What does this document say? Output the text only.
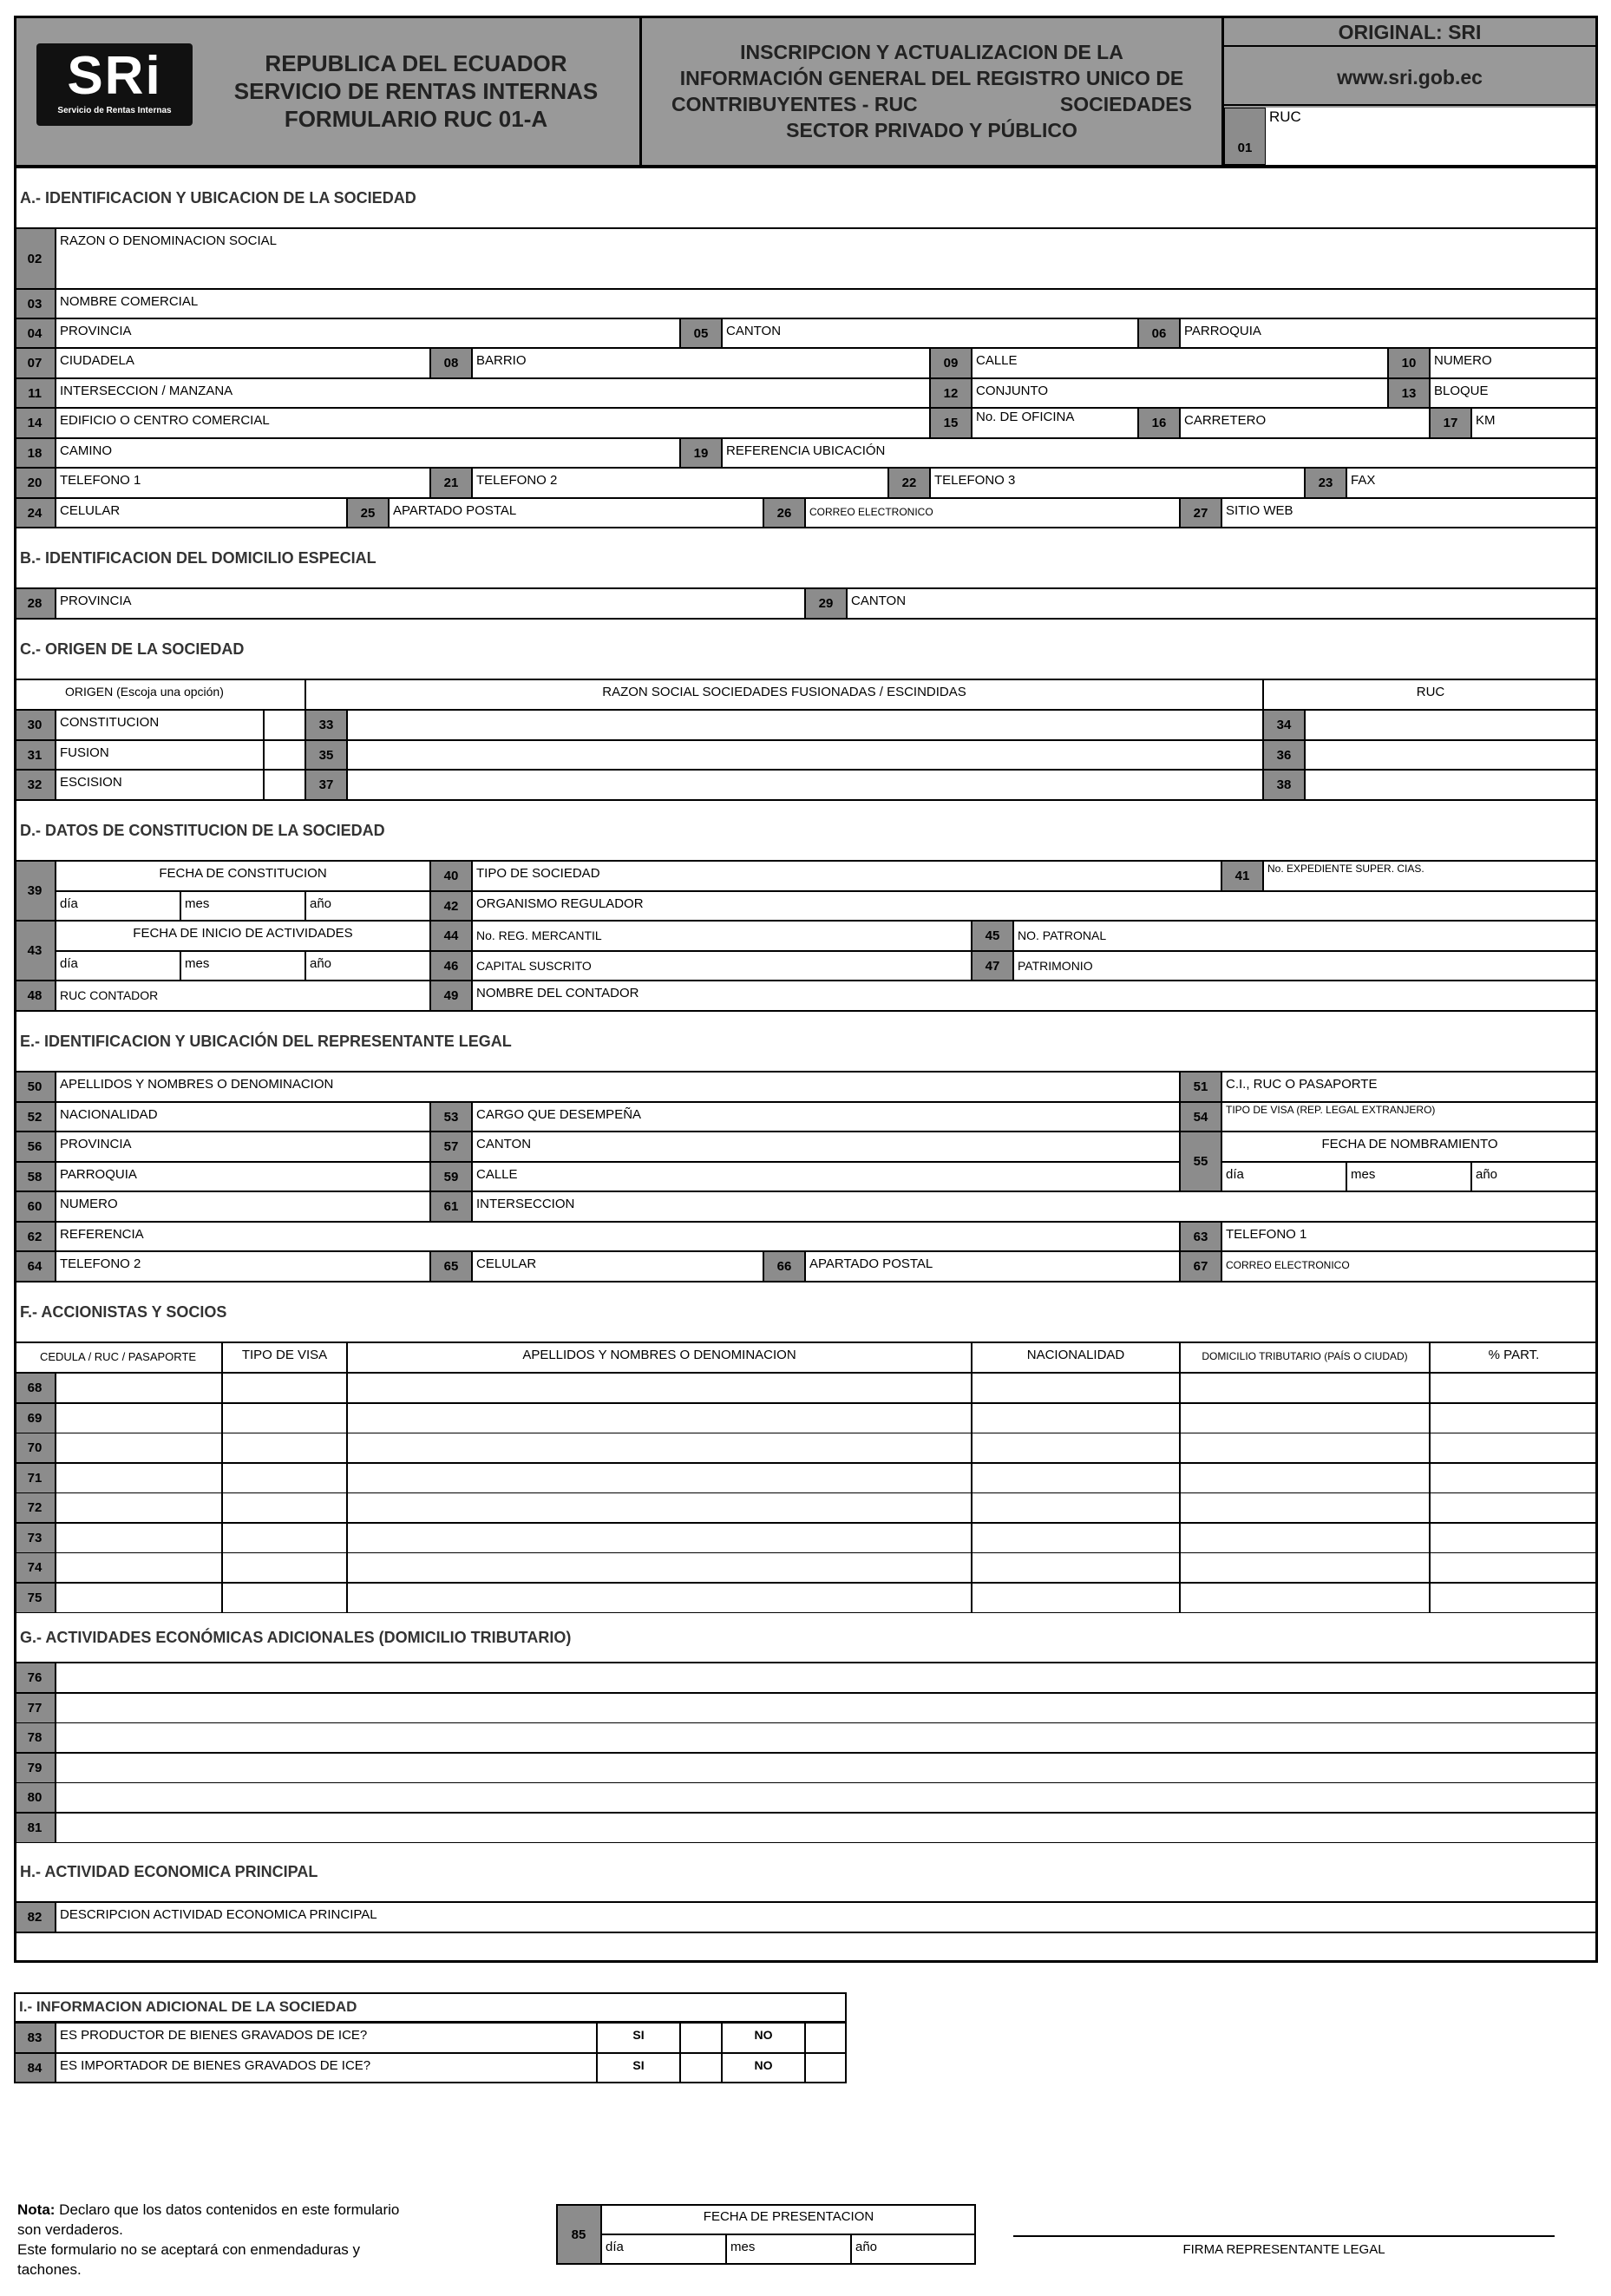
SRi
Servicio de Rentas Internas
REPUBLICA DEL ECUADOR
SERVICIO DE RENTAS INTERNAS
FORMULARIO RUC 01-A
INSCRIPCION Y ACTUALIZACION DE LA
INFORMACIÓN GENERAL DEL REGISTRO UNICO DE
CONTRIBUYENTES - RUC	SOCIEDADES
SECTOR PRIVADO Y PÚBLICO
ORIGINAL: SRI
www.sri.gob.ec
01
RUC
A.- IDENTIFICACION Y UBICACION DE LA SOCIEDAD
02
RAZON O DENOMINACION SOCIAL
03	NOMBRE COMERCIAL
04	PROVINCIA	05	CANTON	06	PARROQUIA
07	CIUDADELA	08	BARRIO	09	CALLE	10	NUMERO
11	INTERSECCION / MANZANA	12	CONJUNTO	13	BLOQUE
14	EDIFICIO O CENTRO COMERCIAL	15	No. DE OFICINA	16	CARRETERO	17	KM
18	CAMINO	19	REFERENCIA UBICACIÓN
20	TELEFONO 1	21	TELEFONO 2	22	TELEFONO 3	23	FAX
24	CELULAR	25	APARTADO POSTAL	26	CORREO ELECTRONICO	27	SITIO WEB
B.- IDENTIFICACION DEL DOMICILIO ESPECIAL
28	PROVINCIA	29	CANTON
C.- ORIGEN DE LA SOCIEDAD
ORIGEN (Escoja una opción)	RAZON SOCIAL SOCIEDADES FUSIONADAS / ESCINDIDAS	RUC
30	CONSTITUCION	33	34
31	FUSION	35	36
32	ESCISION	37	38
D.- DATOS DE CONSTITUCION DE LA SOCIEDAD
39
FECHA DE CONSTITUCION
día	mes	año
40	TIPO DE SOCIEDAD	41	No. EXPEDIENTE SUPER. CIAS.
42	ORGANISMO REGULADOR
43
FECHA DE INICIO DE ACTIVIDADES
día	mes	año
44	No. REG. MERCANTIL	45	NO. PATRONAL
46	CAPITAL SUSCRITO	47	PATRIMONIO
48	RUC CONTADOR	49	NOMBRE DEL CONTADOR
E.- IDENTIFICACION Y UBICACIÓN DEL REPRESENTANTE LEGAL
50	APELLIDOS Y NOMBRES O DENOMINACION	51	C.I., RUC O PASAPORTE
52	NACIONALIDAD	53	CARGO QUE DESEMPEÑA	54	TIPO DE VISA (REP. LEGAL EXTRANJERO)
56	PROVINCIA	57	CANTON
55
FECHA DE NOMBRAMIENTO
día	mes	año
58	PARROQUIA	59	CALLE
60	NUMERO	61	INTERSECCION
62	REFERENCIA	63	TELEFONO 1
64	TELEFONO 2	65	CELULAR	66	APARTADO POSTAL	67	CORREO ELECTRONICO
F.- ACCIONISTAS Y SOCIOS
CEDULA / RUC / PASAPORTE	TIPO DE VISA	APELLIDOS Y NOMBRES O DENOMINACION	NACIONALIDAD	DOMICILIO TRIBUTARIO (PAÍS O CIUDAD)	% PART.
68
69
70
71
72
73
74
75
G.- ACTIVIDADES ECONÓMICAS ADICIONALES (DOMICILIO TRIBUTARIO)
76
77
78
79
80
81
H.- ACTIVIDAD ECONOMICA PRINCIPAL
82	DESCRIPCION ACTIVIDAD ECONOMICA PRINCIPAL
I.- INFORMACION ADICIONAL DE LA SOCIEDAD
83	ES PRODUCTOR DE BIENES GRAVADOS DE ICE?	SI	NO
84	ES IMPORTADOR DE BIENES GRAVADOS DE ICE?	SI	NO
Nota: Declaro que los datos contenidos en este formulario
son verdaderos.
Este formulario no se aceptará con enmendaduras y
tachones.
85
FECHA DE PRESENTACION
día	mes	año	FIRMA REPRESENTANTE LEGAL
